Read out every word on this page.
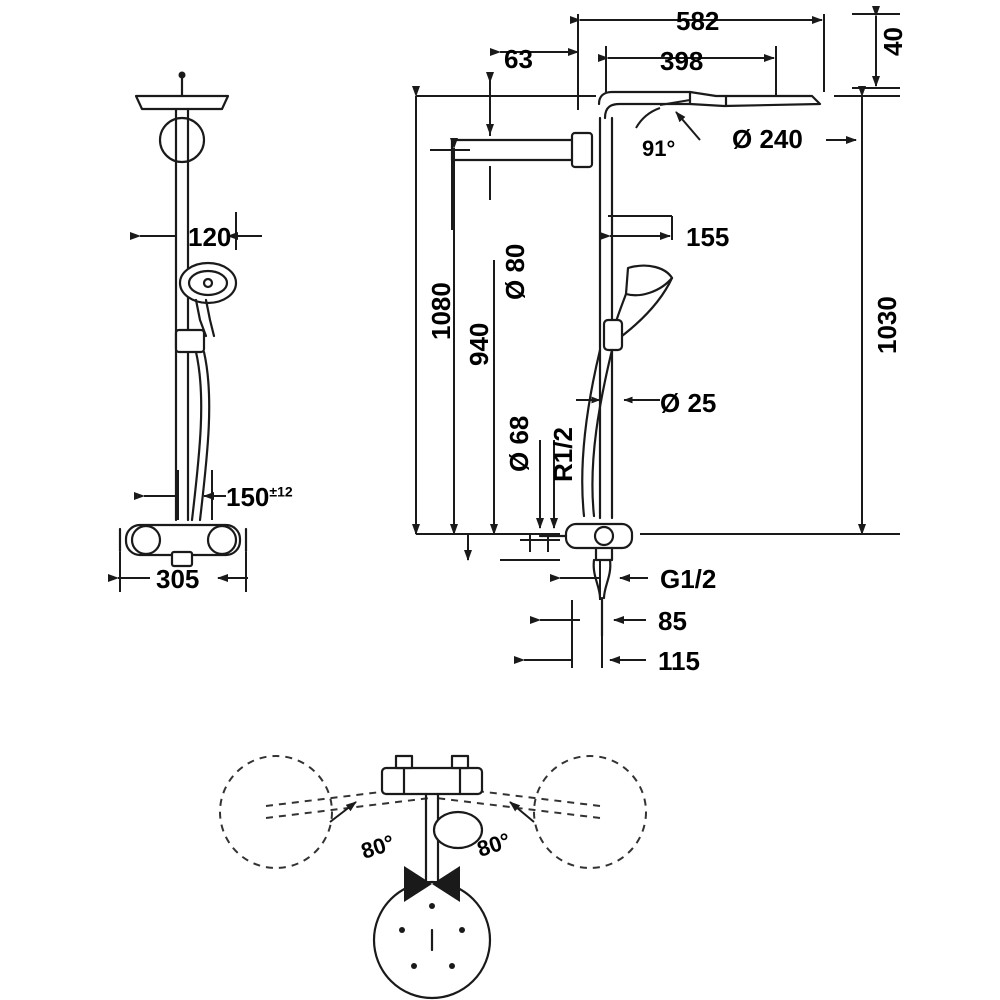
582
63	398
40
Ø 240
91°
155
Ø 80
1080
940	1030
Ø 25
Ø 68 R1/2
G1/2
85
115
120
$150^{\pm 12}$
305
80°	80°
